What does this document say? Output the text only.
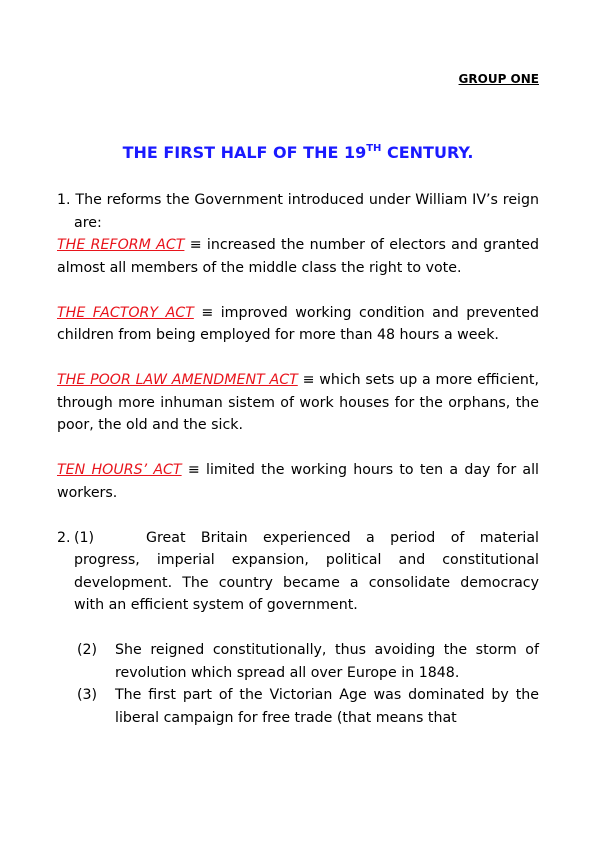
GROUP ONE
THE FIRST HALF OF THE 19TH CENTURY.

1. The reforms the Government introduced under William IV’s reign are:

THE REFORM ACT ≡ increased the number of electors and granted almost all members of the middle class the right to vote.

THE FACTORY ACT ≡ improved working condition and prevented children from being employed for more than 48 hours a week.

THE POOR LAW AMENDMENT ACT ≡ which sets up a more efficient, through more inhuman sistem of work houses for the orphans, the poor, the old and the sick.

TEN HOURS’ ACT ≡ limited the working hours to ten a day for all workers.

2. (1)	Great Britain experienced a period of material progress, imperial expansion, political and constitutional development. The country became a consolidate democracy with an efficient system of government.
(2)	She reigned constitutionally, thus avoiding the storm of revolution which spread all over Europe in 1848.
(3)	The first part of the Victorian Age was dominated by the liberal campaign for free trade (that means that
